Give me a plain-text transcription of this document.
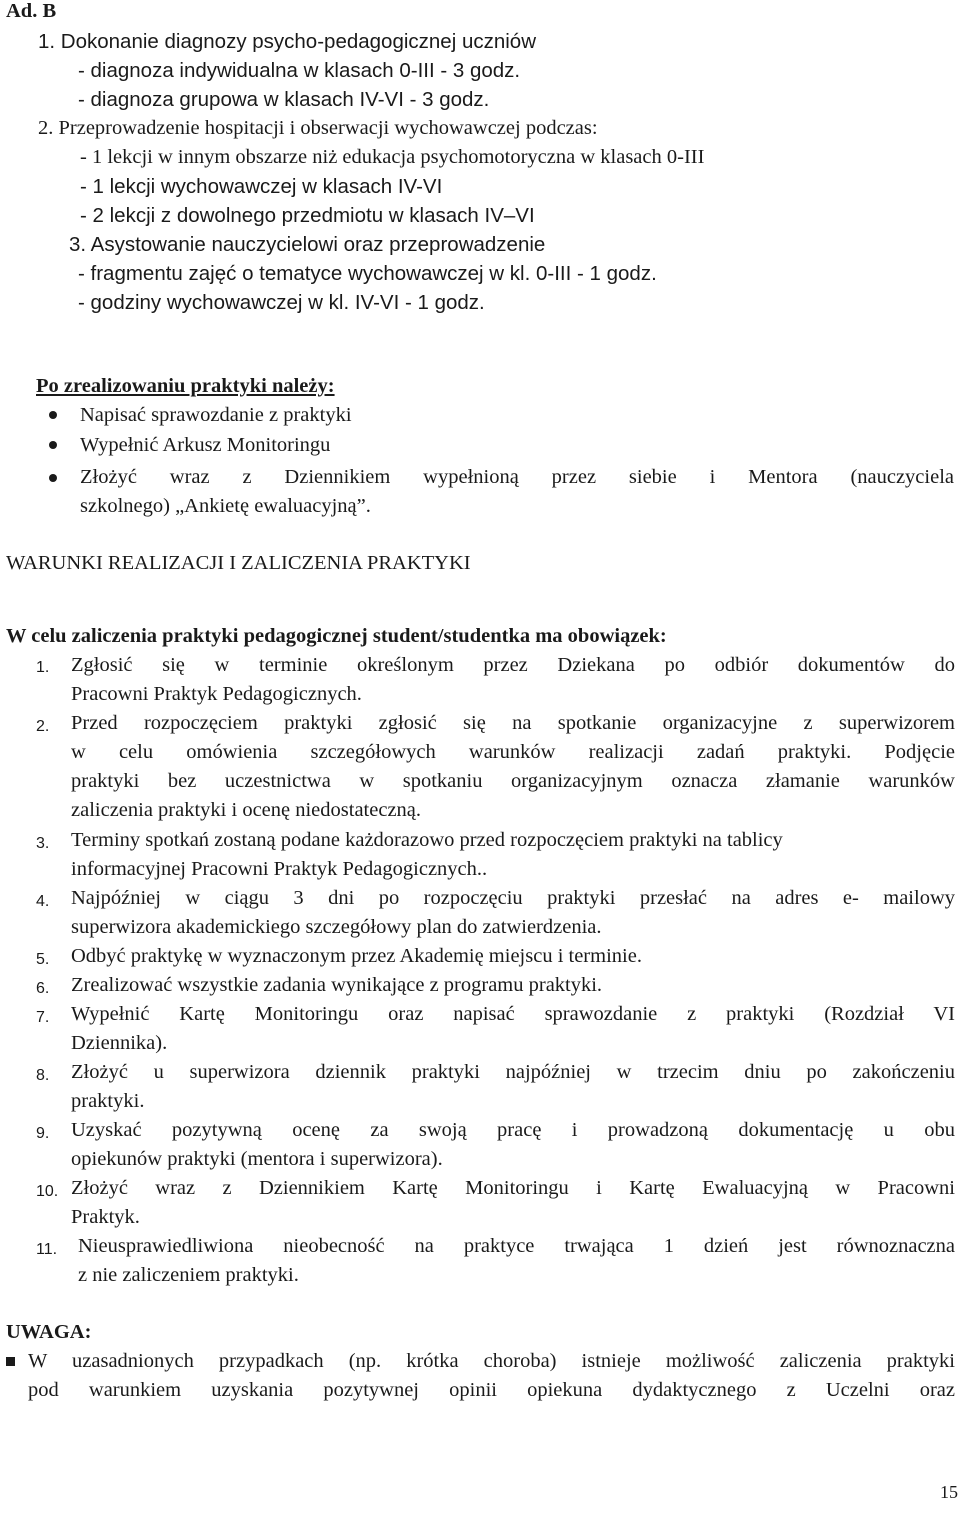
Ad. B
1. Dokonanie diagnozy psycho-pedagogicznej uczniów
- diagnoza indywidualna w klasach 0-III - 3 godz.
- diagnoza grupowa w klasach IV-VI - 3 godz.
2. Przeprowadzenie hospitacji i obserwacji wychowawczej podczas:
- 1 lekcji w innym obszarze niż edukacja psychomotoryczna w klasach 0-III
- 1 lekcji wychowawczej w klasach IV-VI
- 2 lekcji z dowolnego przedmiotu w klasach IV–VI
3. Asystowanie nauczycielowi oraz przeprowadzenie
- fragmentu zajęć o tematyce wychowawczej w kl. 0-III - 1 godz.
- godziny wychowawczej w kl. IV-VI - 1 godz.
Po zrealizowaniu praktyki należy:
Napisać sprawozdanie z praktyki
Wypełnić Arkusz Monitoringu
Złożyć wraz z Dziennikiem wypełnioną przez siebie i Mentora (nauczyciela
szkolnego) „Ankietę ewaluacyjną”.
WARUNKI REALIZACJI I ZALICZENIA PRAKTYKI
W celu zaliczenia praktyki pedagogicznej student/studentka ma obowiązek:
1. Zgłosić się w terminie określonym przez Dziekana po odbiór dokumentów do
Pracowni Praktyk Pedagogicznych.
2. Przed rozpoczęciem praktyki zgłosić się na spotkanie organizacyjne z superwizorem
w celu omówienia szczegółowych warunków realizacji zadań praktyki. Podjęcie
praktyki bez uczestnictwa w spotkaniu organizacyjnym oznacza złamanie warunków
zaliczenia praktyki i ocenę niedostateczną.
3. Terminy spotkań zostaną podane każdorazowo przed rozpoczęciem praktyki na tablicy
informacyjnej Pracowni Praktyk Pedagogicznych..
4. Najpóźniej w ciągu 3 dni po rozpoczęciu praktyki przesłać na adres e- mailowy
superwizora akademickiego szczegółowy plan do zatwierdzenia.
5. Odbyć praktykę w wyznaczonym przez Akademię miejscu i terminie.
6. Zrealizować wszystkie zadania wynikające z programu praktyki.
7. Wypełnić Kartę Monitoringu oraz napisać sprawozdanie z praktyki (Rozdział VI
Dziennika).
8. Złożyć u superwizora dziennik praktyki najpóźniej w trzecim dniu po zakończeniu
praktyki.
9. Uzyskać pozytywną ocenę za swoją pracę i prowadzoną dokumentację u obu
opiekunów praktyki (mentora i superwizora).
10. Złożyć wraz z Dziennikiem Kartę Monitoringu i Kartę Ewaluacyjną w Pracowni
Praktyk.
11. Nieusprawiedliwiona nieobecność na praktyce trwająca 1 dzień jest równoznaczna
z nie zaliczeniem praktyki.
UWAGA:
W uzasadnionych przypadkach (np. krótka choroba) istnieje możliwość zaliczenia praktyki
pod warunkiem uzyskania pozytywnej opinii opiekuna dydaktycznego z Uczelni oraz
15
